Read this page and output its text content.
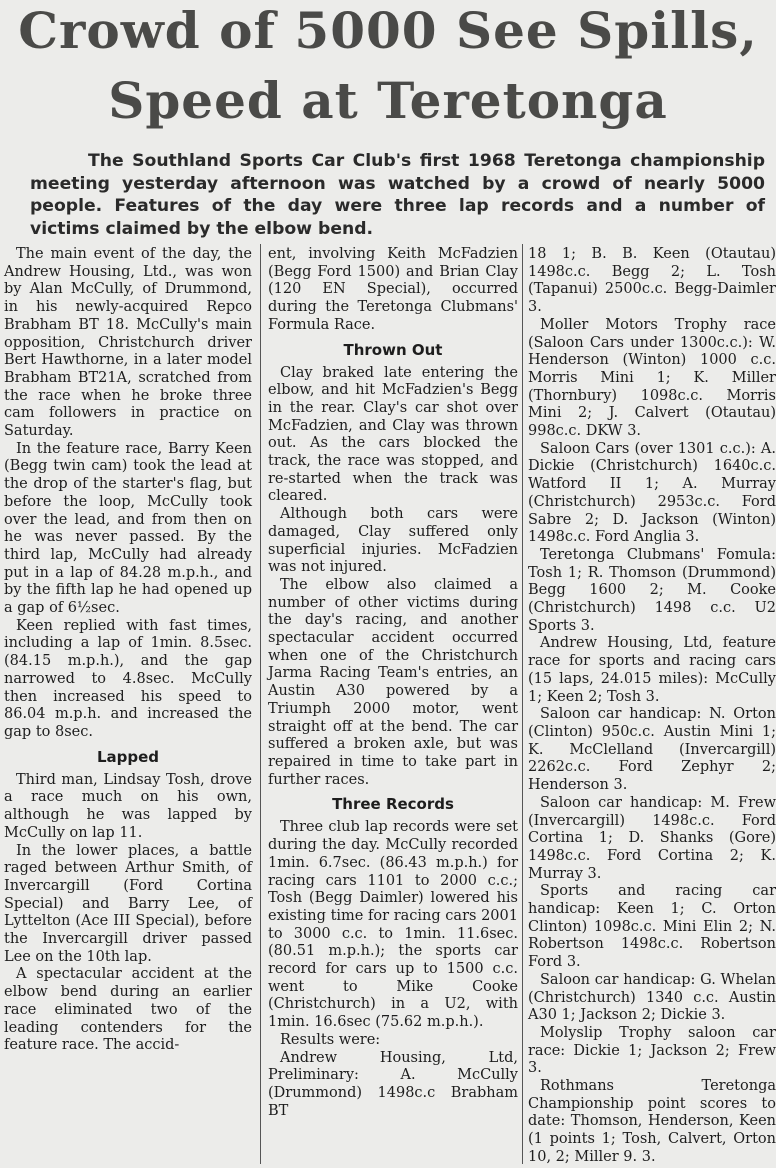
Crowd of 5000 See Spills,
Speed at Teretonga

The Southland Sports Car Club's first 1968 Teretonga championship meeting yesterday afternoon was watched by a crowd of nearly 5000 people. Features of the day were three lap records and a number of victims claimed by the elbow bend.

The main event of the day, the Andrew Housing, Ltd., was won by Alan McCully, of Drummond, in his newly-acquired Repco Brabham BT 18. McCully's main opposition, Christchurch driver Bert Hawthorne, in a later model Brabham BT21A, scratched from the race when he broke three cam followers in practice on Saturday.

In the feature race, Barry Keen (Begg twin cam) took the lead at the drop of the starter's flag, but before the loop, McCully took over the lead, and from then on he was never passed. By the third lap, McCully had already put in a lap of 84.28 m.p.h., and by the fifth lap he had opened up a gap of 6½sec.

Keen replied with fast times, including a lap of 1min. 8.5sec. (84.15 m.p.h.), and the gap narrowed to 4.8sec. McCully then increased his speed to 86.04 m.p.h. and increased the gap to 8sec.

Lapped

Third man, Lindsay Tosh, drove a race much on his own, although he was lapped by McCully on lap 11.

In the lower places, a battle raged between Arthur Smith, of Invercargill (Ford Cortina Special) and Barry Lee, of Lyttelton (Ace III Special), before the Invercargill driver passed Lee on the 10th lap.

A spectacular accident at the elbow bend during an earlier race eliminated two of the leading contenders for the feature race. The accid-

ent, involving Keith McFadzien (Begg Ford 1500) and Brian Clay (120 EN Special), occurred during the Teretonga Clubmans' Formula Race.

Thrown Out

Clay braked late entering the elbow, and hit McFadzien's Begg in the rear. Clay's car shot over McFadzien, and Clay was thrown out. As the cars blocked the track, the race was stopped, and re-started when the track was cleared.

Although both cars were damaged, Clay suffered only superficial injuries. McFadzien was not injured.

The elbow also claimed a number of other victims during the day's racing, and another spectacular accident occurred when one of the Christchurch Jarma Racing Team's entries, an Austin A30 powered by a Triumph 2000 motor, went straight off at the bend. The car suffered a broken axle, but was repaired in time to take part in further races.

Three Records

Three club lap records were set during the day. McCully recorded 1min. 6.7sec. (86.43 m.p.h.) for racing cars 1101 to 2000 c.c.; Tosh (Begg Daimler) lowered his existing time for racing cars 2001 to 3000 c.c. to 1min. 11.6sec. (80.51 m.p.h.); the sports car record for cars up to 1500 c.c. went to Mike Cooke (Christchurch) in a U2, with 1min. 16.6sec (75.62 m.p.h.).

Results were:

Andrew Housing, Ltd, Preliminary: A. McCully (Drummond) 1498c.c Brabham BT

18 1; B. B. Keen (Otautau) 1498c.c. Begg 2; L. Tosh (Tapanui) 2500c.c. Begg-Daimler 3.

Moller Motors Trophy race (Saloon Cars under 1300c.c.): W. Henderson (Winton) 1000 c.c. Morris Mini 1; K. Miller (Thornbury) 1098c.c. Morris Mini 2; J. Calvert (Otautau) 998c.c. DKW 3.

Saloon Cars (over 1301 c.c.): A. Dickie (Christchurch) 1640c.c. Watford II 1; A. Murray (Christchurch) 2953c.c. Ford Sabre 2; D. Jackson (Winton) 1498c.c. Ford Anglia 3.

Teretonga Clubmans' Fomula: Tosh 1; R. Thomson (Drummond) Begg 1600 2; M. Cooke (Christchurch) 1498 c.c. U2 Sports 3.

Andrew Housing, Ltd, feature race for sports and racing cars (15 laps, 24.015 miles): McCully 1; Keen 2; Tosh 3.

Saloon car handicap: N. Orton (Clinton) 950c.c. Austin Mini 1; K. McClelland (Invercargill) 2262c.c. Ford Zephyr 2; Henderson 3.

Saloon car handicap: M. Frew (Invercargill) 1498c.c. Ford Cortina 1; D. Shanks (Gore) 1498c.c. Ford Cortina 2; K. Murray 3.

Sports and racing car handicap: Keen 1; C. Orton Clinton) 1098c.c. Mini Elin 2; N. Robertson 1498c.c. Robertson Ford 3.

Saloon car handicap: G. Whelan (Christchurch) 1340 c.c. Austin A30 1; Jackson 2; Dickie 3.

Molyslip Trophy saloon car race: Dickie 1; Jackson 2; Frew 3.

Rothmans Teretonga Championship point scores to date: Thomson, Henderson, Keen (1 points 1; Tosh, Calvert, Orton 10, 2; Miller 9. 3.
